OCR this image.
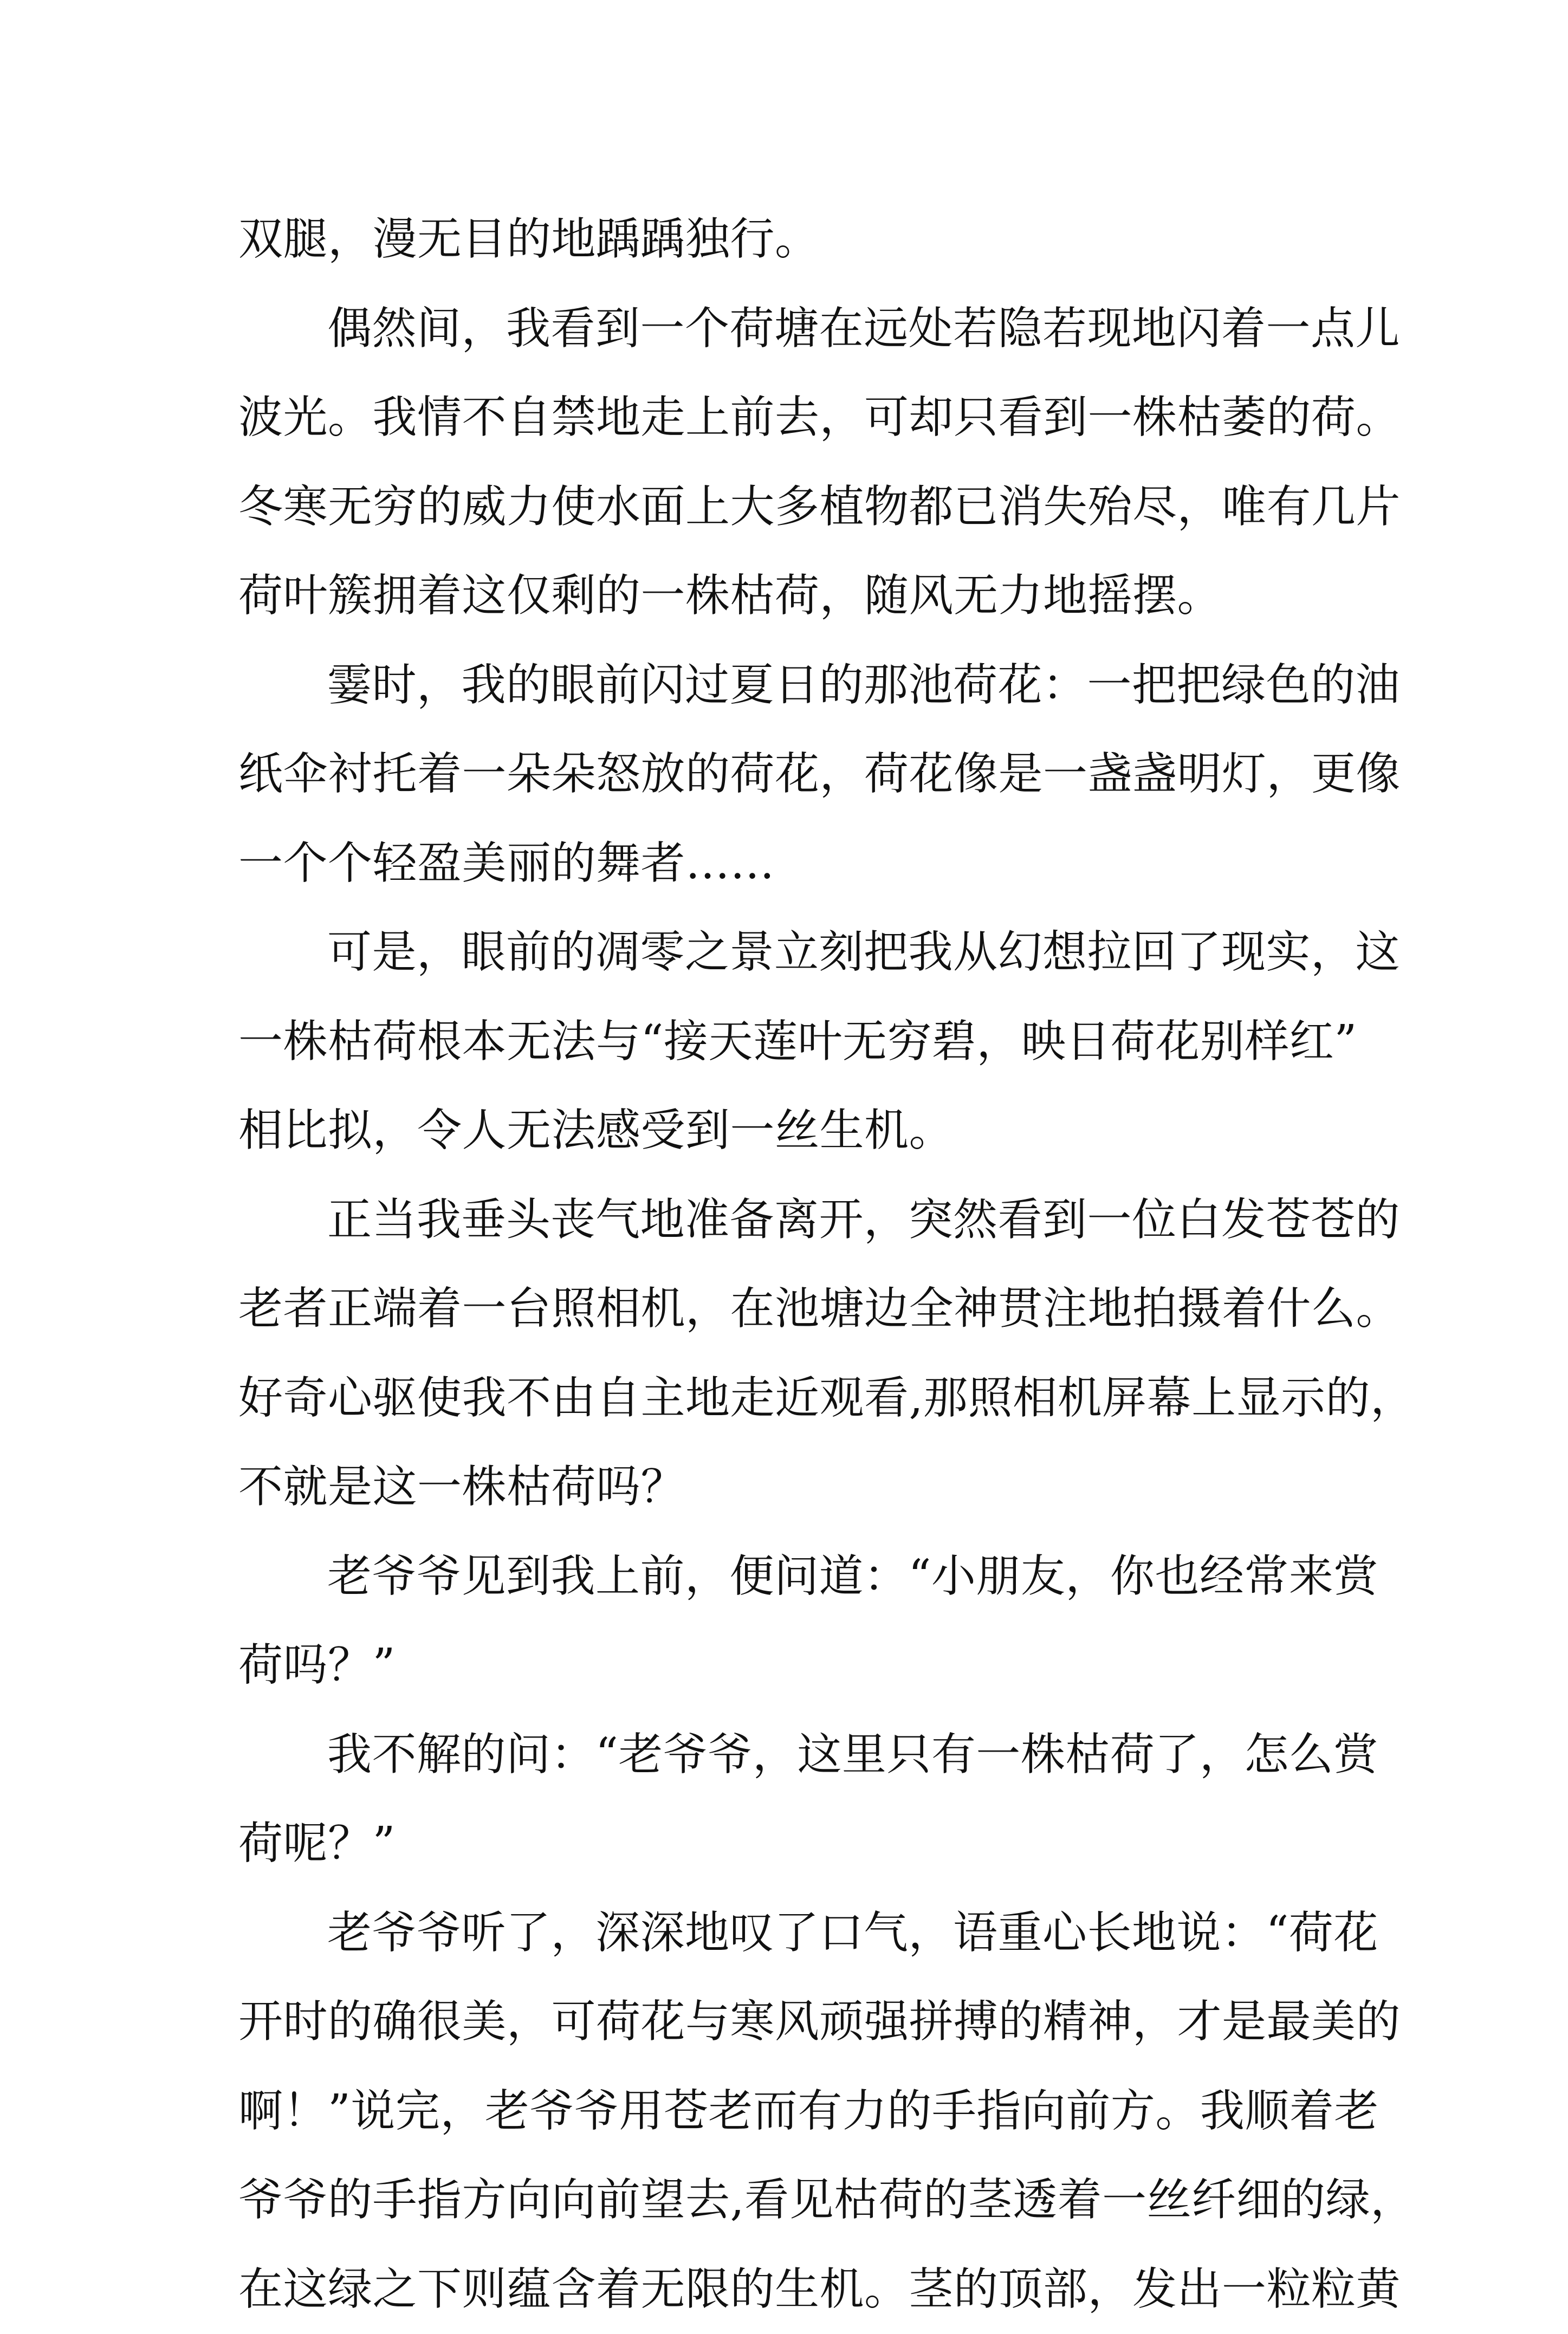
双腿，漫无目的地踽踽独行。
偶然间，我看到一个荷塘在远处若隐若现地闪着一点儿
波光。我情不自禁地走上前去，可却只看到一株枯萎的荷。
冬寒无穷的威力使水面上大多植物都已消失殆尽，唯有几片
荷叶簇拥着这仅剩的一株枯荷，随风无力地摇摆。
霎时，我的眼前闪过夏日的那池荷花：一把把绿色的油
纸伞衬托着一朵朵怒放的荷花，荷花像是一盏盏明灯，更像
一个个轻盈美丽的舞者……
可是，眼前的凋零之景立刻把我从幻想拉回了现实，这
一株枯荷根本无法与“接天莲叶无穷碧，映日荷花别样红”
相比拟，令人无法感受到一丝生机。
正当我垂头丧气地准备离开，突然看到一位白发苍苍的
老者正端着一台照相机，在池塘边全神贯注地拍摄着什么。
好奇心驱使我不由自主地走近观看,那照相机屏幕上显示的，
不就是这一株枯荷吗？
老爷爷见到我上前，便问道：“小朋友，你也经常来赏
荷吗？”
我不解的问：“老爷爷，这里只有一株枯荷了，怎么赏
荷呢？”
老爷爷听了，深深地叹了口气，语重心长地说：“荷花
开时的确很美，可荷花与寒风顽强拼搏的精神，才是最美的
啊！”说完，老爷爷用苍老而有力的手指向前方。我顺着老
爷爷的手指方向向前望去,看见枯荷的茎透着一丝纤细的绿，
在这绿之下则蕴含着无限的生机。茎的顶部，发出一粒粒黄
